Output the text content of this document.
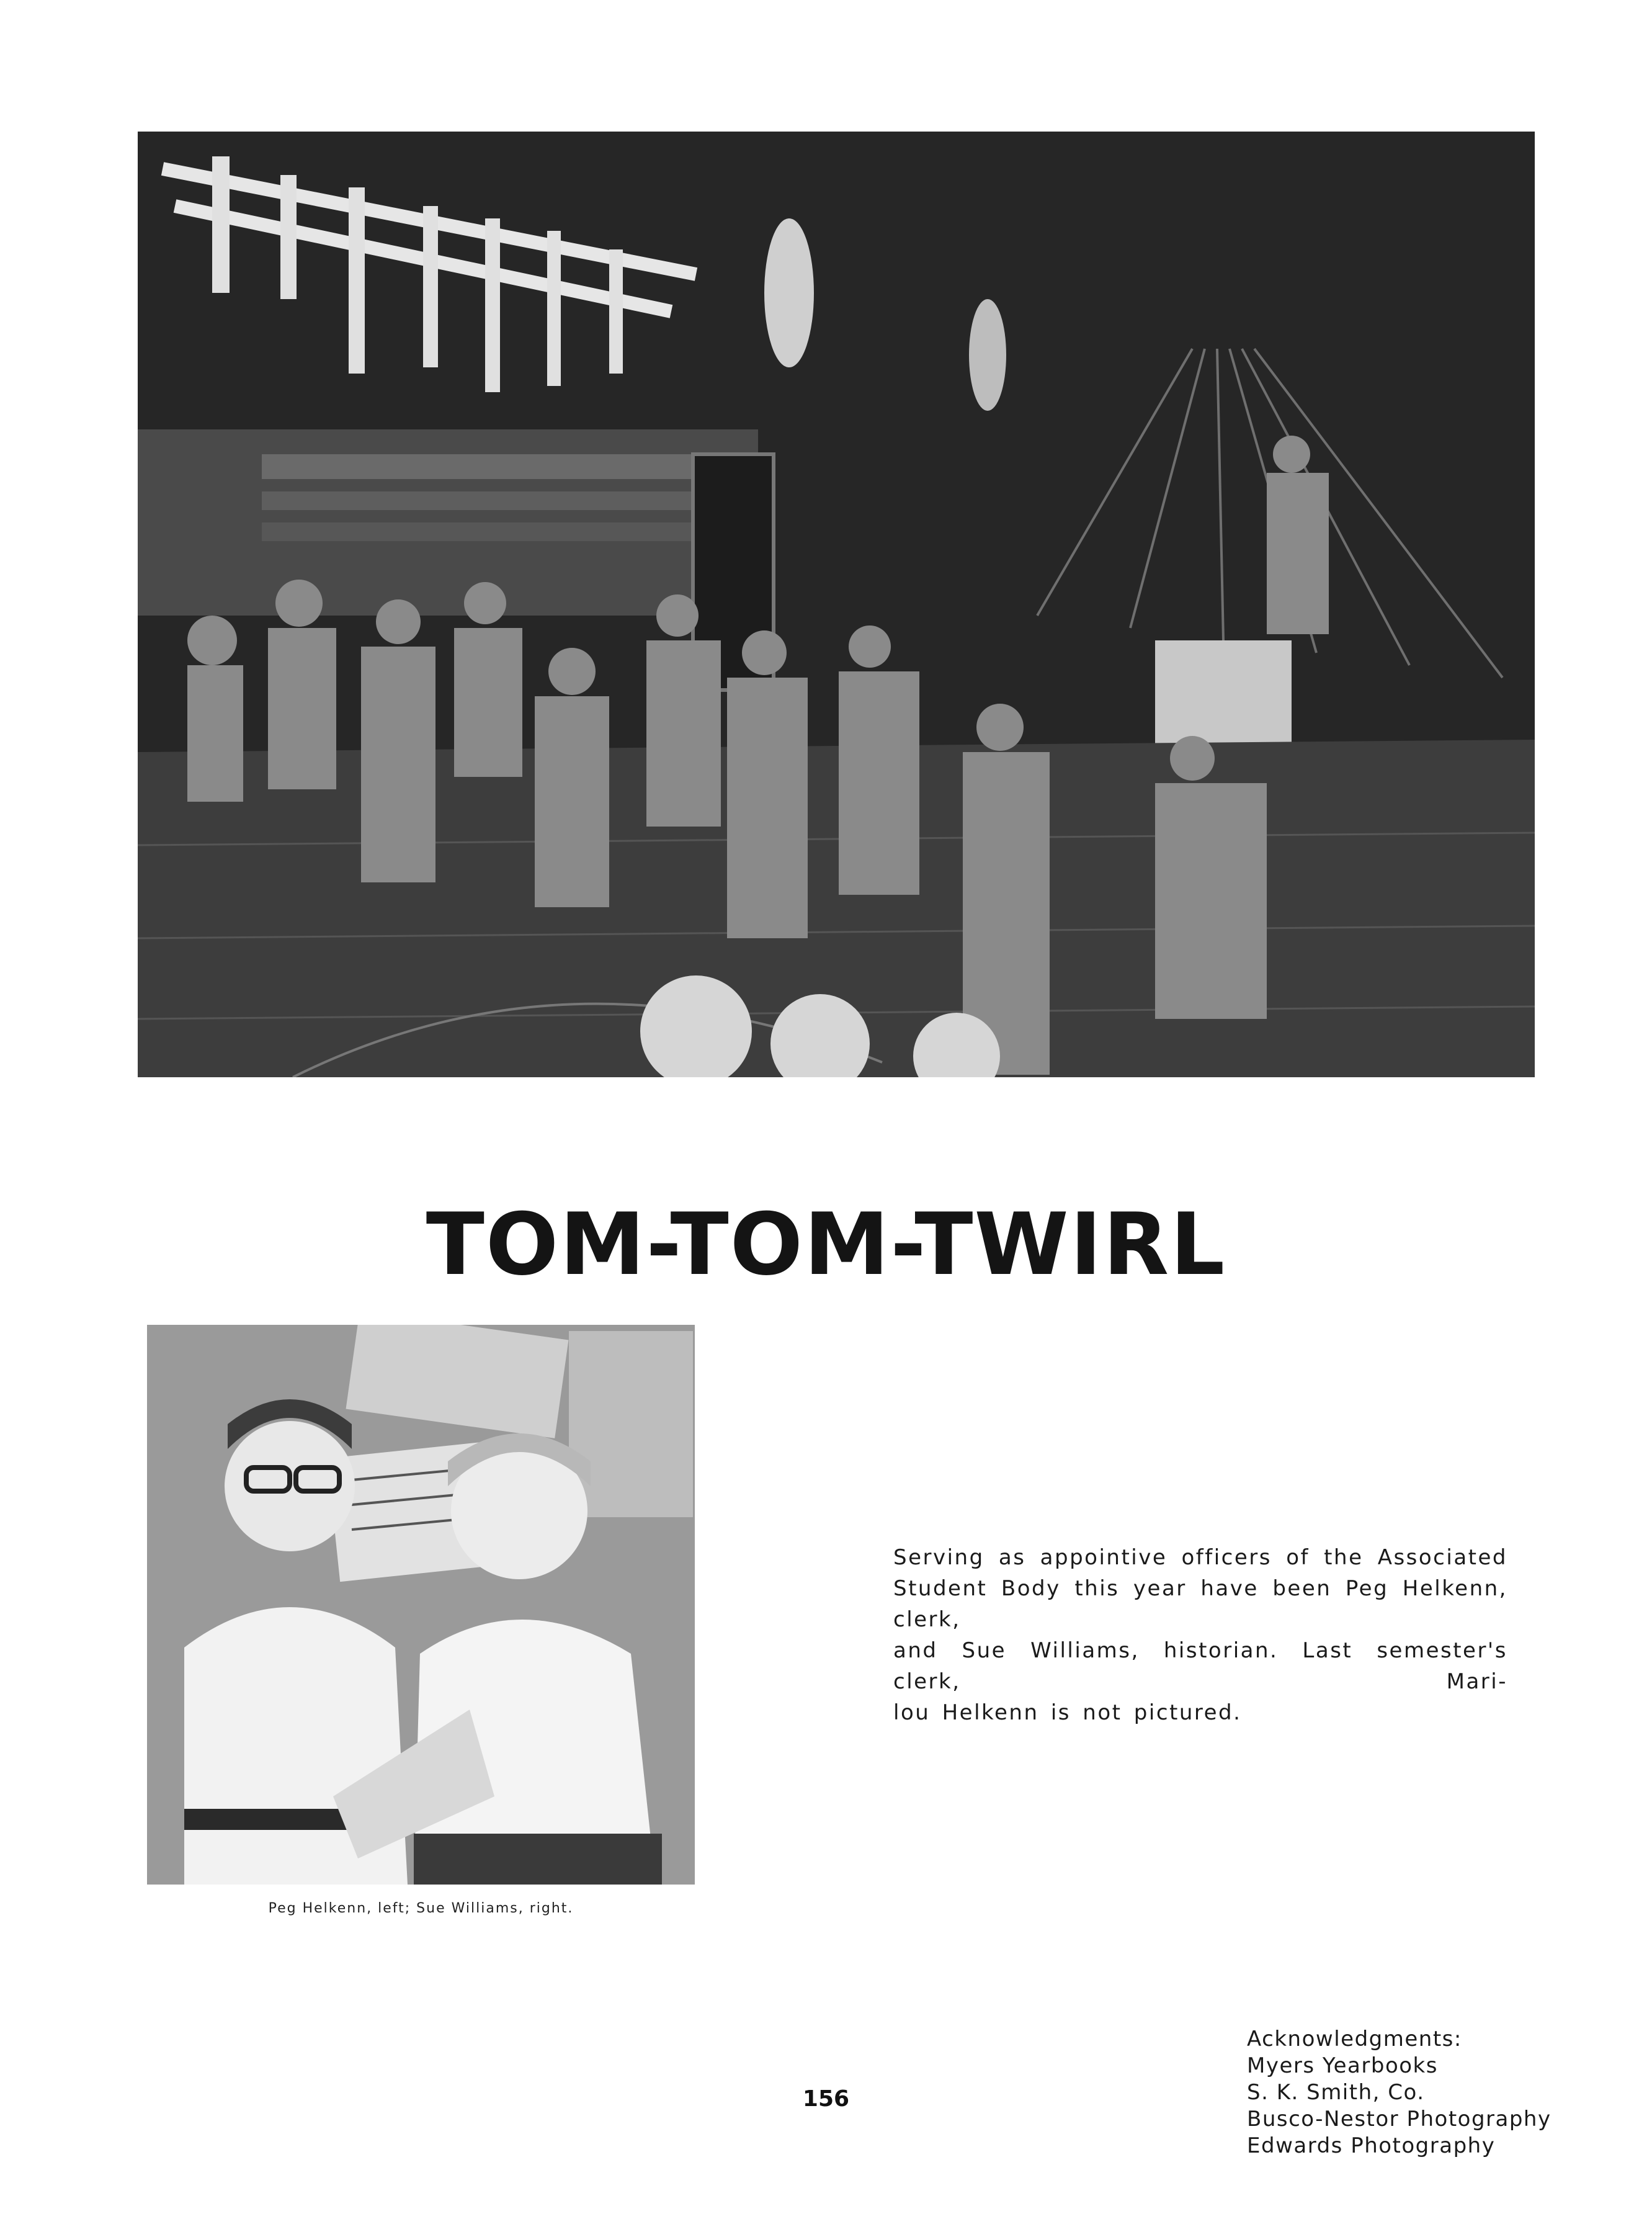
TOM-TOM-TWIRL
Peg Helkenn, left; Sue Williams, right.
Serving as appointive officers of the Associated
Student Body this year have been Peg Helkenn, clerk,
and Sue Williams, historian. Last semester's clerk, Mari-
lou Helkenn is not pictured.
Acknowledgments:
Myers Yearbooks
S. K. Smith, Co.
Busco-Nestor Photography
Edwards Photography
156
